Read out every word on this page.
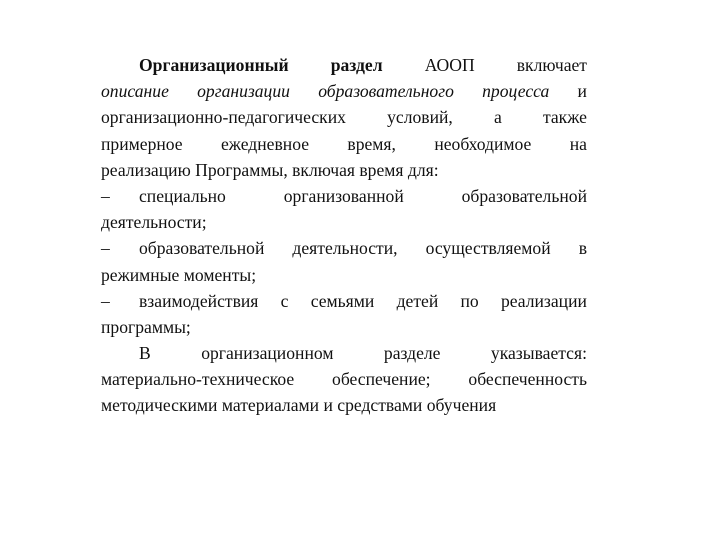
Организационный раздел АООП включает
описание организации образовательного процесса и
организационно-педагогических условий, а также
примерное ежедневное время, необходимое на
реализацию Программы, включая время для:
–	специально	организованной	образовательной
деятельности;
–	образовательной деятельности, осуществляемой в
режимные моменты;
–	взаимодействия с семьями детей по реализации
программы;
В	организационном	разделе	указывается:
материально-техническое обеспечение; обеспеченность
методическими материалами и средствами обучения
